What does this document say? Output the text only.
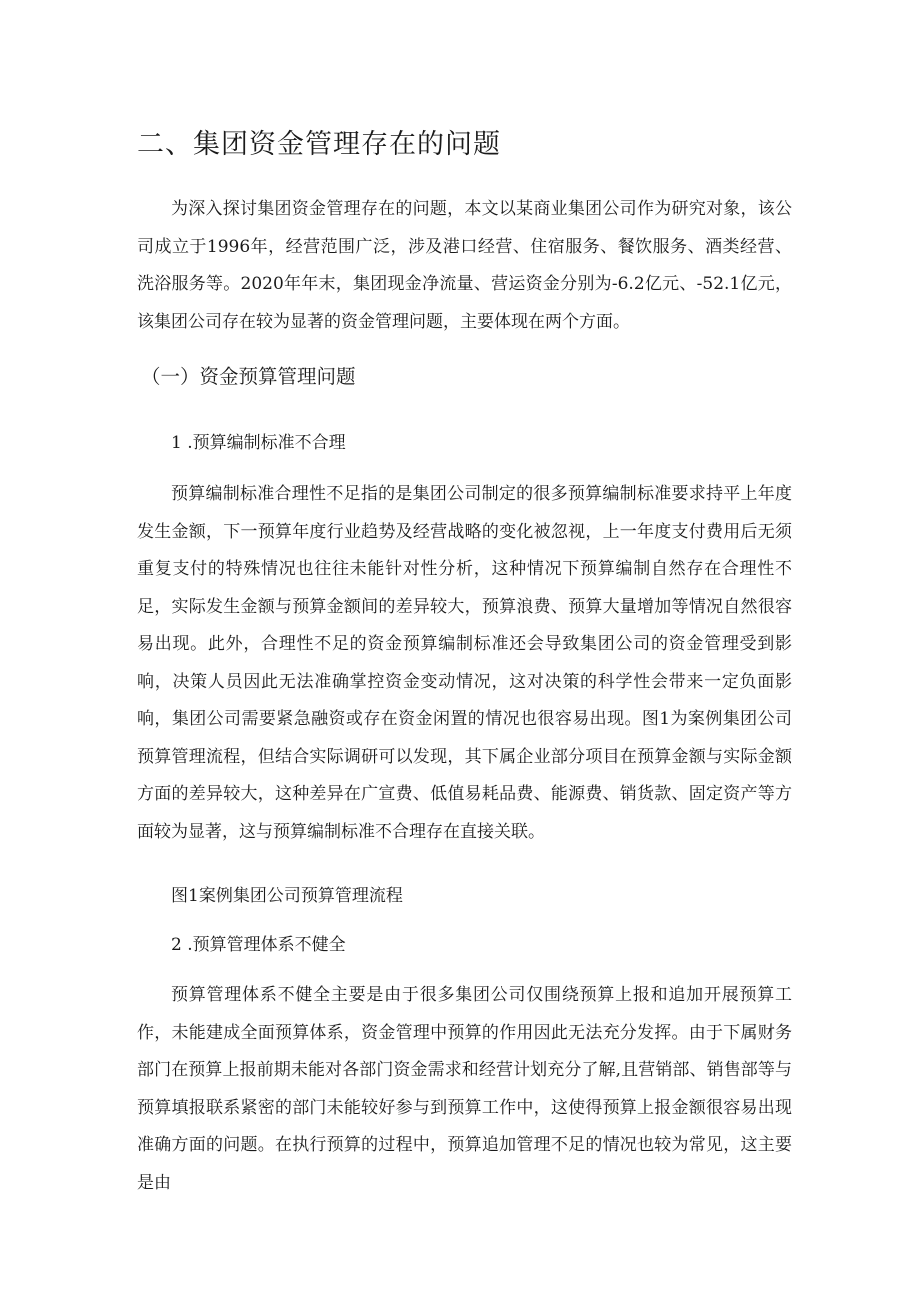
二、集团资金管理存在的问题

为深入探讨集团资金管理存在的问题，本文以某商业集团公司作为研究对象，该公司成立于1996年，经营范围广泛，涉及港口经营、住宿服务、餐饮服务、酒类经营、洗浴服务等。2020年年末，集团现金净流量、营运资金分别为-6.2亿元、-52.1亿元，该集团公司存在较为显著的资金管理问题，主要体现在两个方面。

（一）资金预算管理问题
1 .预算编制标准不合理

预算编制标准合理性不足指的是集团公司制定的很多预算编制标准要求持平上年度发生金额，下一预算年度行业趋势及经营战略的变化被忽视，上一年度支付费用后无须重复支付的特殊情况也往往未能针对性分析，这种情况下预算编制自然存在合理性不足，实际发生金额与预算金额间的差异较大，预算浪费、预算大量增加等情况自然很容易出现。此外，合理性不足的资金预算编制标准还会导致集团公司的资金管理受到影响，决策人员因此无法准确掌控资金变动情况，这对决策的科学性会带来一定负面影响，集团公司需要紧急融资或存在资金闲置的情况也很容易出现。图1为案例集团公司预算管理流程，但结合实际调研可以发现，其下属企业部分项目在预算金额与实际金额方面的差异较大，这种差异在广宣费、低值易耗品费、能源费、销货款、固定资产等方面较为显著，这与预算编制标准不合理存在直接关联。

图1案例集团公司预算管理流程

2 .预算管理体系不健全

预算管理体系不健全主要是由于很多集团公司仅围绕预算上报和追加开展预算工作，未能建成全面预算体系，资金管理中预算的作用因此无法充分发挥。由于下属财务部门在预算上报前期未能对各部门资金需求和经营计划充分了解,且营销部、销售部等与预算填报联系紧密的部门未能较好参与到预算工作中，这使得预算上报金额很容易出现准确方面的问题。在执行预算的过程中，预算追加管理不足的情况也较为常见，这主要是由
